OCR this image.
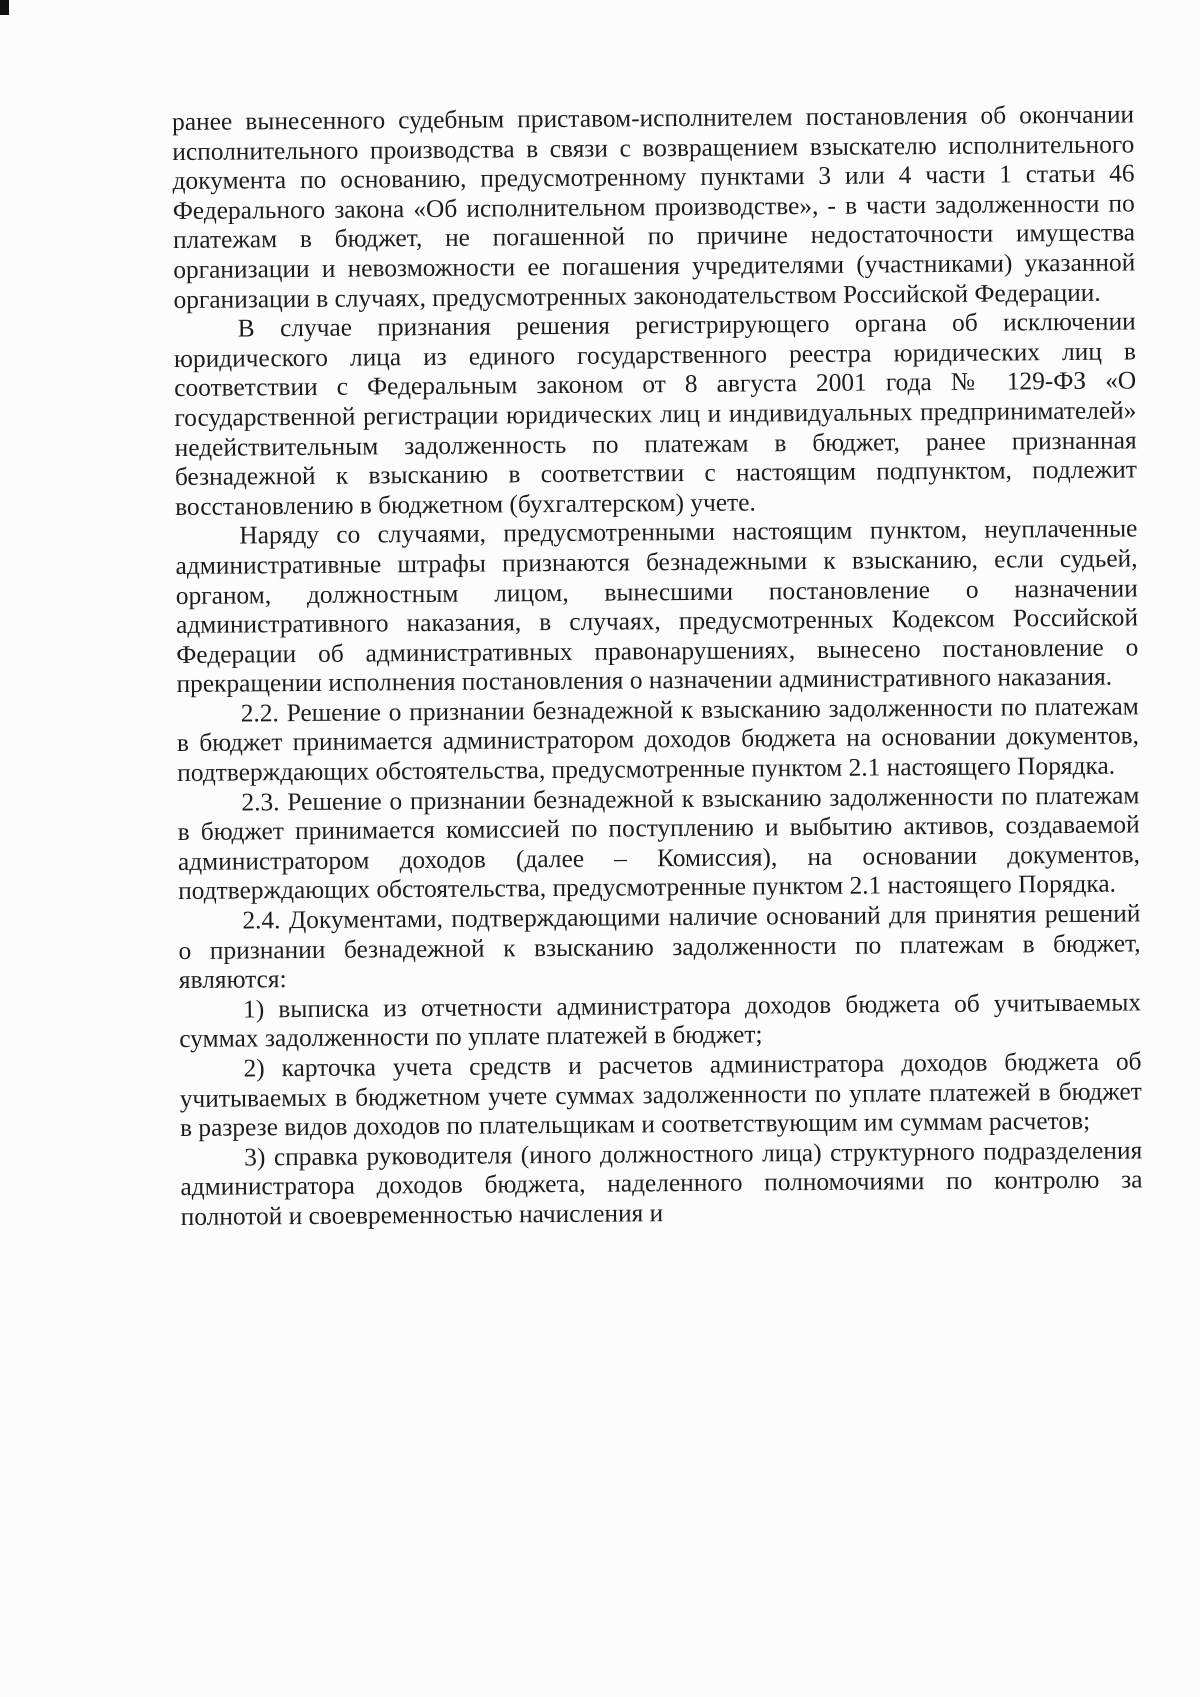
ранее вынесенного судебным приставом-исполнителем постановления об окончании исполнительного производства в связи с возвращением взыскателю исполнительного документа по основанию, предусмотренному пунктами 3 или 4 части 1 статьи 46 Федерального закона «Об исполнительном производстве», - в части задолженности по платежам в бюджет, не погашенной по причине недостаточности имущества организации и невозможности ее погашения учредителями (участниками) указанной организации в случаях, предусмотренных законодательством Российской Федерации.

В случае признания решения регистрирующего органа об исключении юридического лица из единого государственного реестра юридических лиц в соответствии с Федеральным законом от 8 августа 2001 года № 129-ФЗ «О государственной регистрации юридических лиц и индивидуальных предпринимателей» недействительным задолженность по платежам в бюджет, ранее признанная безнадежной к взысканию в соответствии с настоящим подпунктом, подлежит восстановлению в бюджетном (бухгалтерском) учете.

Наряду со случаями, предусмотренными настоящим пунктом, неуплаченные административные штрафы признаются безнадежными к взысканию, если судьей, органом, должностным лицом, вынесшими постановление о назначении административного наказания, в случаях, предусмотренных Кодексом Российской Федерации об административных правонарушениях, вынесено постановление о прекращении исполнения постановления о назначении административного наказания.

2.2. Решение о признании безнадежной к взысканию задолженности по платежам в бюджет принимается администратором доходов бюджета на основании документов, подтверждающих обстоятельства, предусмотренные пунктом 2.1 настоящего Порядка.

2.3. Решение о признании безнадежной к взысканию задолженности по платежам в бюджет принимается комиссией по поступлению и выбытию активов, создаваемой администратором доходов (далее – Комиссия), на основании документов, подтверждающих обстоятельства, предусмотренные пунктом 2.1 настоящего Порядка.

2.4. Документами, подтверждающими наличие оснований для принятия решений о признании безнадежной к взысканию задолженности по платежам в бюджет, являются:

1) выписка из отчетности администратора доходов бюджета об учитываемых суммах задолженности по уплате платежей в бюджет;

2) карточка учета средств и расчетов администратора доходов бюджета об учитываемых в бюджетном учете суммах задолженности по уплате платежей в бюджет в разрезе видов доходов по плательщикам и соответствующим им суммам расчетов;

3) справка руководителя (иного должностного лица) структурного подразделения администратора доходов бюджета, наделенного полномочиями по контролю за полнотой и своевременностью начисления и
